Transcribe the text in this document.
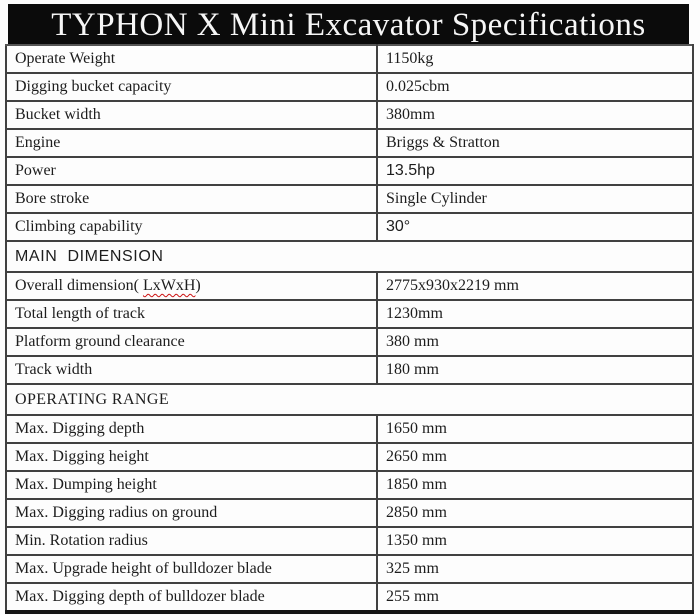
TYPHON X Mini Excavator Specifications
Operate Weight	1150kg
Digging bucket capacity	0.025cbm
Bucket width	380mm
Engine	Briggs & Stratton
Power	13.5hp
Bore stroke	Single Cylinder
Climbing capability	30°
MAIN DIMENSION	
Overall dimension( LxWxH)	2775x930x2219 mm
Total length of track	1230mm
Platform ground clearance	380 mm
Track width	180 mm
OPERATING RANGE	
Max. Digging depth	1650 mm
Max. Digging height	2650 mm
Max. Dumping height	1850 mm
Max. Digging radius on ground	2850 mm
Min. Rotation radius	1350 mm
Max. Upgrade height of bulldozer blade	325 mm
Max. Digging depth of bulldozer blade	255 mm
